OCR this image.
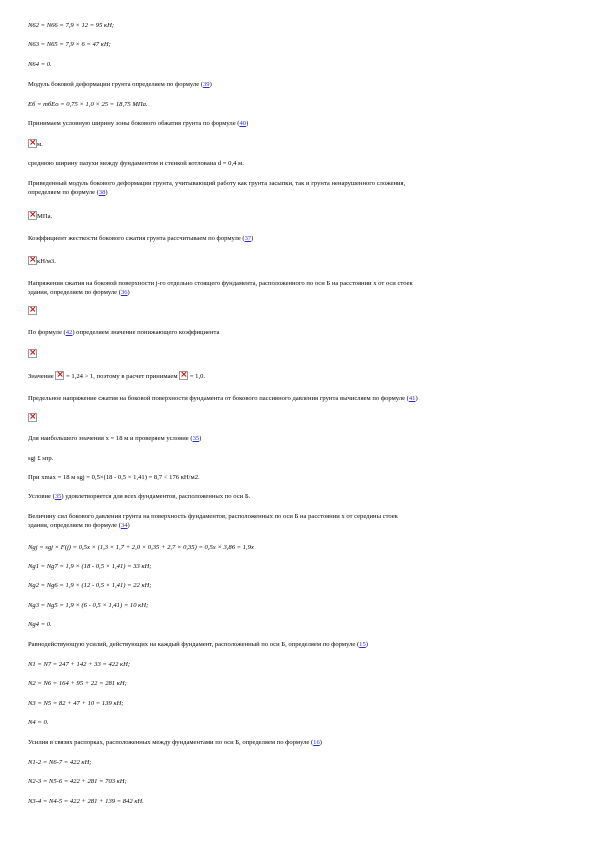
N62 = N66 = 7,9 × 12 = 95 кН;
N63 = N65 = 7,9 × 6 = 47 кН;
N64 = 0.
Модуль боковой деформации грунта определяем по формуле (39)
Eб = mбEо = 0,75 × 1,0 × 25 = 18,75 МПа.
Принимаем условную ширину зоны бокового обжатия грунта по формуле (40)
×м.
среднюю ширину пазухи между фундаментом и стенкой котлована d = 0,4 м.
Приведенный модуль бокового деформации грунта, учитывающий работу как грунта засыпки, так и грунта ненарушенного сложения,
определяем по формуле (38)
×МПа.
Коэффициент жесткости бокового сжатия грунта рассчитываем по формуле (37)
×кН/м3.
Напряжения сжатия на боковой поверхности j-го отдельно стоящего фундамента, расположенного по оси Б на расстоянии х от оси стоек
здания, определяем по формуле (36)
×
По формуле (42) определяем значение понижающего коэффициента
×
Значение × = 1,24 > 1, поэтому в расчет принимаем × = 1,0.
Предельное напряжение сжатия на боковой поверхности фундамента от бокового пассивного давления грунта вычисляем по формуле (41)
×
Для наибольшего значения х = 18 м и проверяем условие (35)
sgj £ sпр.
При хmax = 18 м sgj = 0,5×(18 - 0,5 × 1,41) = 8,7 < 176 кН/м2.
Условие (35) удовлетворяется для всех фундаментов, расположенных по оси Б.
Величину сил бокового давления грунта на поверхность фундаментов, расположенных по оси Б на расстоянии х от середины стоек
здания, определяем по формуле (34)
Ngj = sgj × F(j) = 0,5х × (1,3 × 1,7 + 2,0 × 0,35 + 2,7 × 0,35) = 0,5х × 3,86 = 1,9х
Ng1 = Ng7 = 1,9 × (18 - 0,5 × 1,41) = 33 кН;
Ng2 = Ng6 = 1,9 × (12 - 0,5 × 1,41) = 22 кН;
Ng3 = Ng5 = 1,9 × (6 - 0,5 × 1,41) = 10 кН;
Ng4 = 0.
Равнодействующую усилий, действующих на каждый фундамент, расположенный по оси Б, определяем по формуле (15)
N1 = N7 = 247 + 142 + 33 = 422 кН;
N2 = N6 = 164 + 95 + 22 = 281 кН;
N3 = N5 = 82 + 47 + 10 = 139 кН;
N4 = 0.
Усилия в связях распорках, расположенных между фундаментами по оси Б, определяем по формуле (16)
N1-2 = N6-7 = 422 кН;
N2-3 = N5-6 = 422 + 281 = 703 кН;
N3-4 = N4-5 = 422 + 281 + 139 = 842 кН.
